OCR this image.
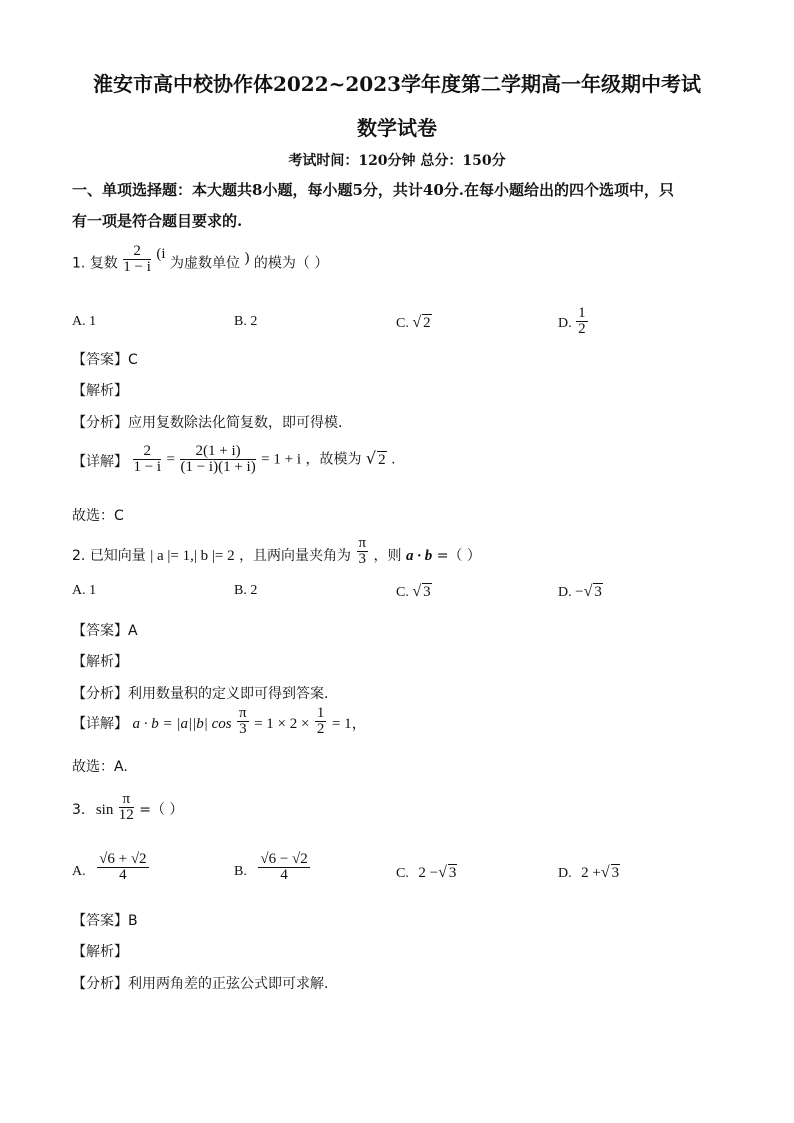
淮安市高中校协作体2022~2023学年度第二学期高一年级期中考试
数学试卷
考试时间：120分钟 总分：150分
一、单项选择题：本大题共8小题，每小题5分，共计40分.在每小题给出的四个选项中，只
有一项是符合题目要求的.
1. 复数 $\frac{2}{1 - i} (i$ 为虚数单位 ) 的模为（ ）
A. 1	B. 2	C. √ 2	D. $\frac{1}{2}$
【答案】C
【解析】
【分析】应用复数除法化简复数，即可得模.
【详解】 $\frac{2}{1 - i} = \frac{2(1 + i)}{(1 - i)(1 + i)} = 1 + i$ ，故模为 √ 2 .
故选：C
2. 已知向量 | a |= 1,| b |= 2 ，且两向量夹角为 $\frac{\pi}{3}$ ，则 a · b =（ ）
A. 1	B. 2	C. √ 3	D. −√ 3
【答案】A
【解析】
【分析】利用数量积的定义即可得到答案.
【详解】 a · b = |a||b| $\cos \frac{\pi}{3} = 1 \times 2 \times \frac{1}{2} = 1$，
故选：A.
3. $\sin \frac{\pi}{12}$ =（ ）
A. $\frac{√6 + √2}{4}$	B. $\frac{√6 - √2}{4}$	C. 2 −√ 3	D. 2 +√ 3
【答案】B
【解析】
【分析】利用两角差的正弦公式即可求解.
